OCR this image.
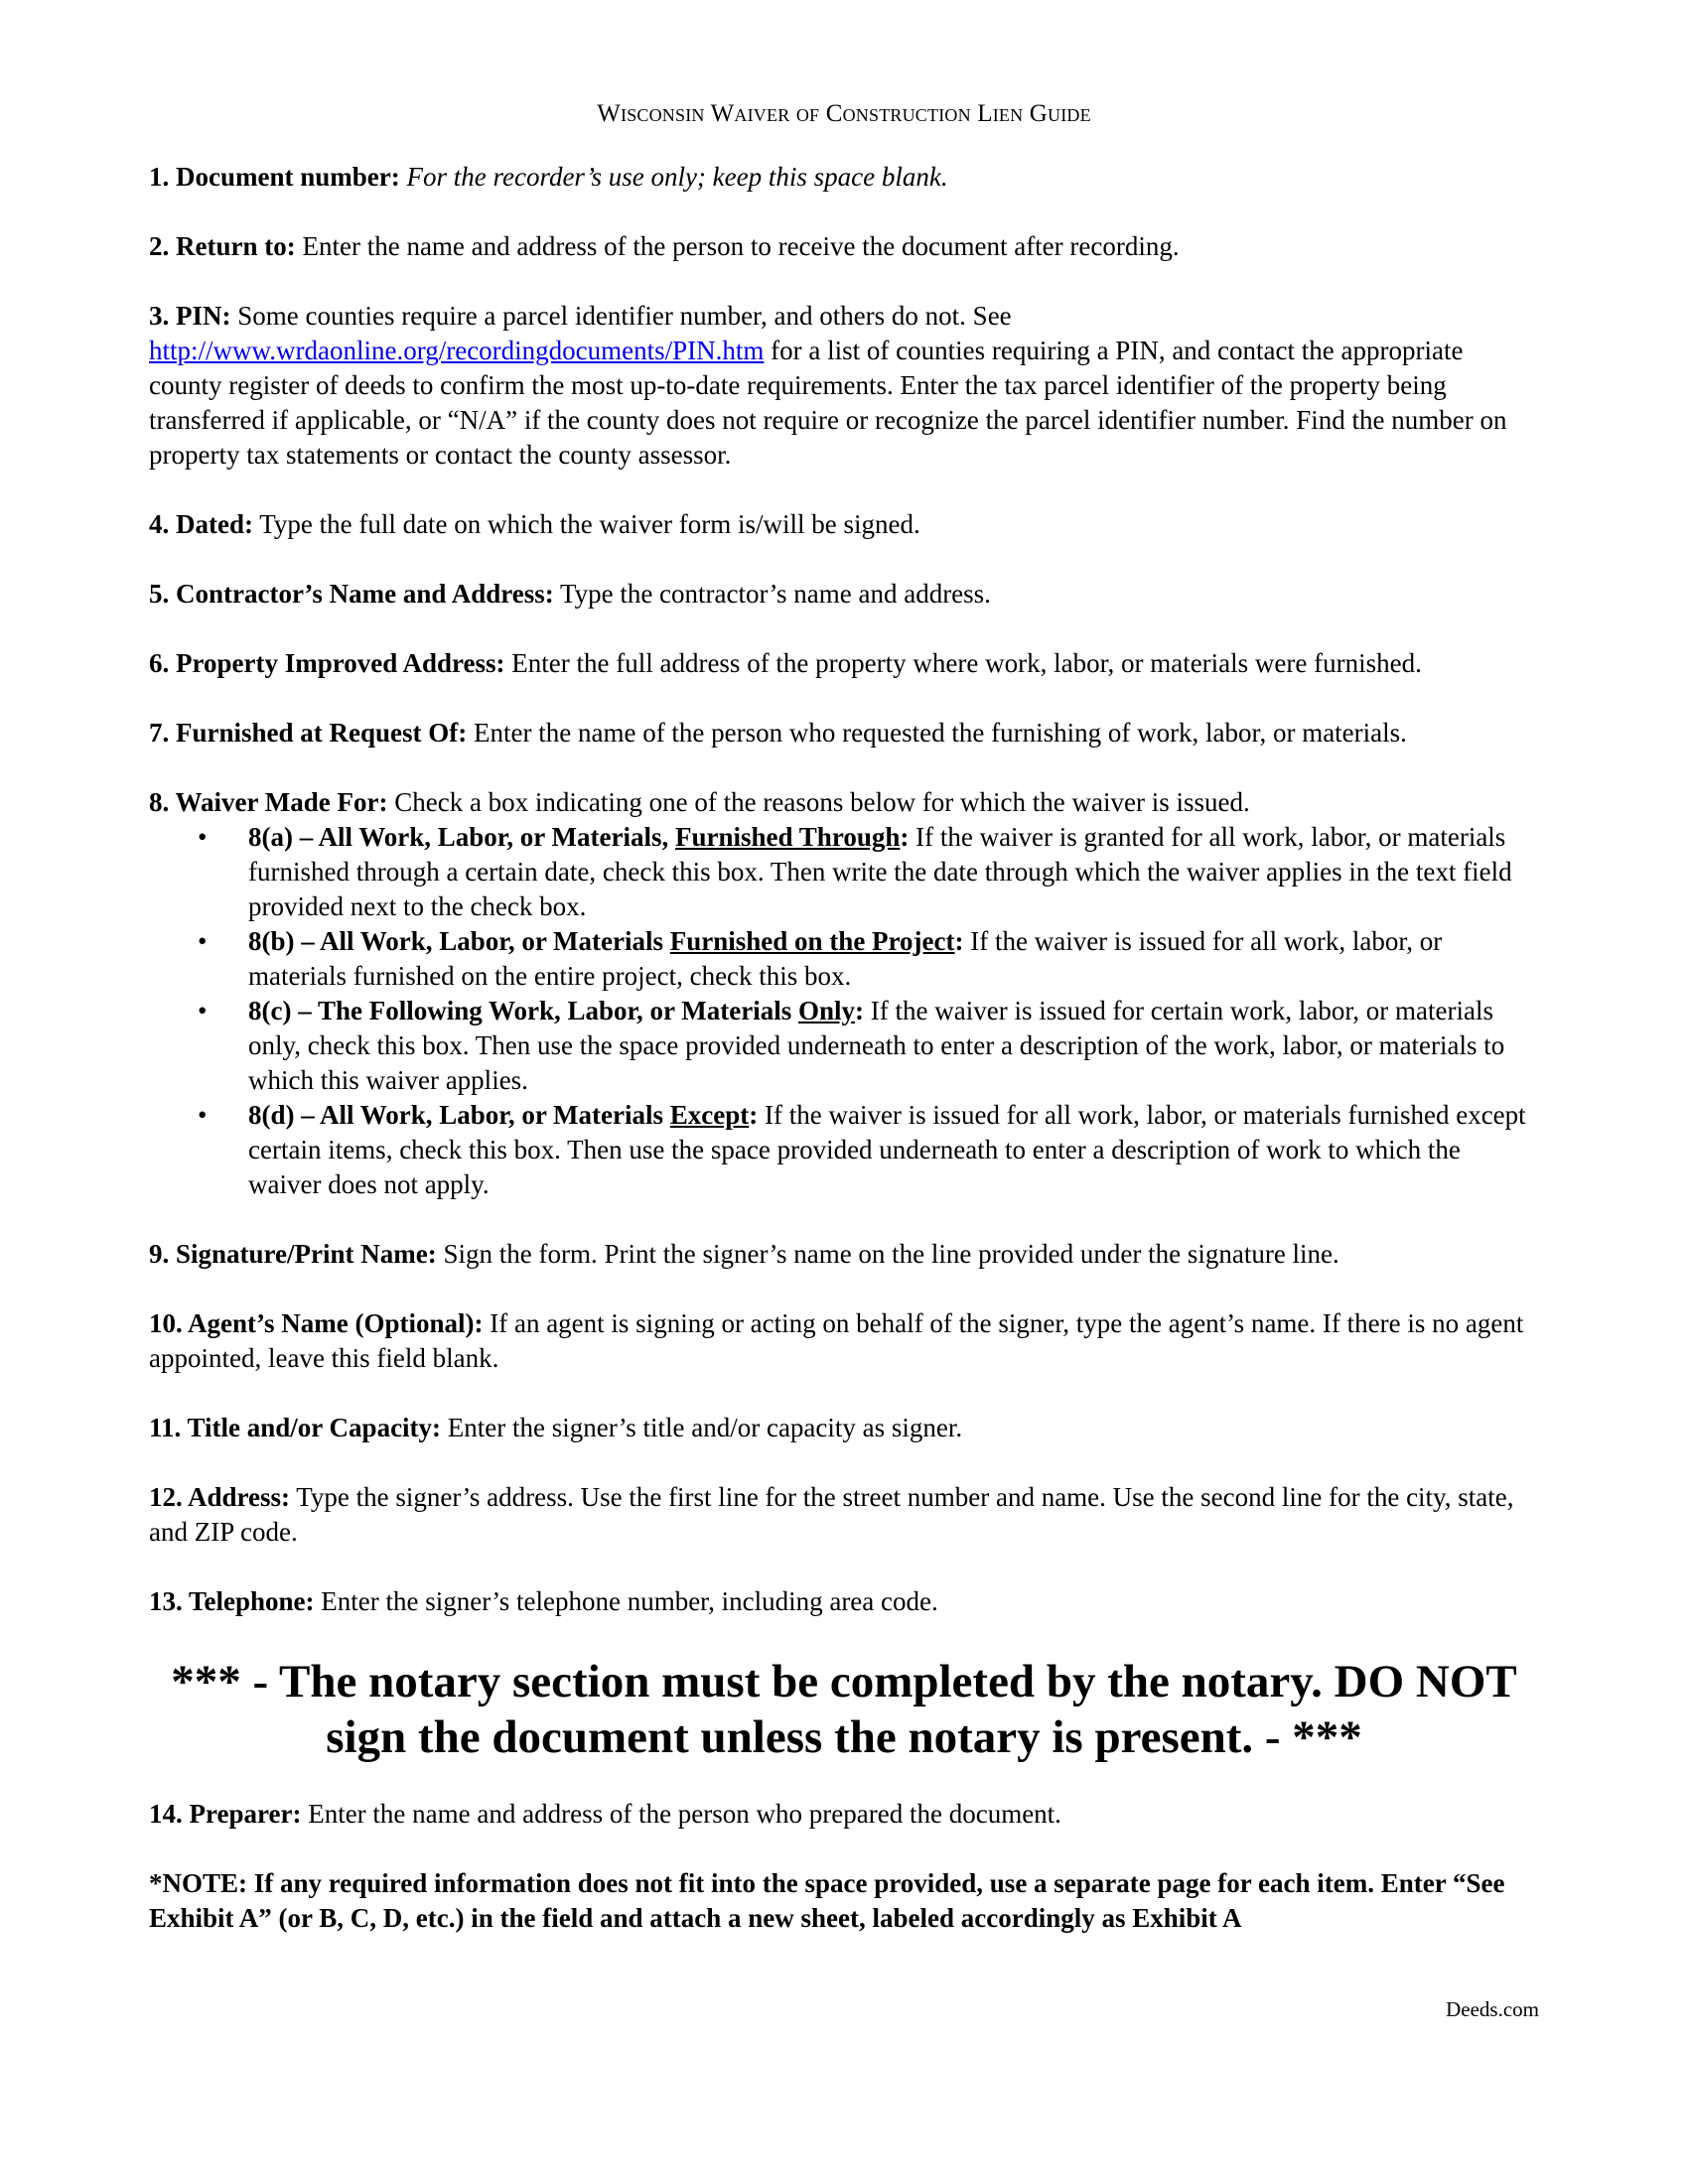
Wisconsin Waiver of Construction Lien Guide

1. Document number: For the recorder’s use only; keep this space blank.

2. Return to: Enter the name and address of the person to receive the document after recording.

3. PIN: Some counties require a parcel identifier number, and others do not. See
http://www.wrdaonline.org/recordingdocuments/PIN.htm for a list of counties requiring a PIN, and contact the appropriate county register of deeds to confirm the most up-to-date requirements. Enter the tax parcel identifier of the property being transferred if applicable, or “N/A” if the county does not require or recognize the parcel identifier number. Find the number on property tax statements or contact the county assessor.

4. Dated: Type the full date on which the waiver form is/will be signed.

5. Contractor’s Name and Address: Type the contractor’s name and address.

6. Property Improved Address: Enter the full address of the property where work, labor, or materials were furnished.

7. Furnished at Request Of: Enter the name of the person who requested the furnishing of work, labor, or materials.

8. Waiver Made For: Check a box indicating one of the reasons below for which the waiver is issued.
• 8(a) – All Work, Labor, or Materials, Furnished Through: If the waiver is granted for all work, labor, or materials furnished through a certain date, check this box. Then write the date through which the waiver applies in the text field provided next to the check box.
• 8(b) – All Work, Labor, or Materials Furnished on the Project: If the waiver is issued for all work, labor, or materials furnished on the entire project, check this box.
• 8(c) – The Following Work, Labor, or Materials Only: If the waiver is issued for certain work, labor, or materials only, check this box. Then use the space provided underneath to enter a description of the work, labor, or materials to which this waiver applies.
• 8(d) – All Work, Labor, or Materials Except: If the waiver is issued for all work, labor, or materials furnished except certain items, check this box. Then use the space provided underneath to enter a description of work to which the waiver does not apply.

9. Signature/Print Name: Sign the form. Print the signer’s name on the line provided under the signature line.

10. Agent’s Name (Optional): If an agent is signing or acting on behalf of the signer, type the agent’s name. If there is no agent appointed, leave this field blank.

11. Title and/or Capacity: Enter the signer’s title and/or capacity as signer.

12. Address: Type the signer’s address. Use the first line for the street number and name. Use the second line for the city, state, and ZIP code.

13. Telephone: Enter the signer’s telephone number, including area code.

*** - The notary section must be completed by the notary. DO NOT sign the document unless the notary is present. - ***

14. Preparer: Enter the name and address of the person who prepared the document.

*NOTE: If any required information does not fit into the space provided, use a separate page for each item. Enter “See Exhibit A” (or B, C, D, etc.) in the field and attach a new sheet, labeled accordingly as Exhibit A

Deeds.com
